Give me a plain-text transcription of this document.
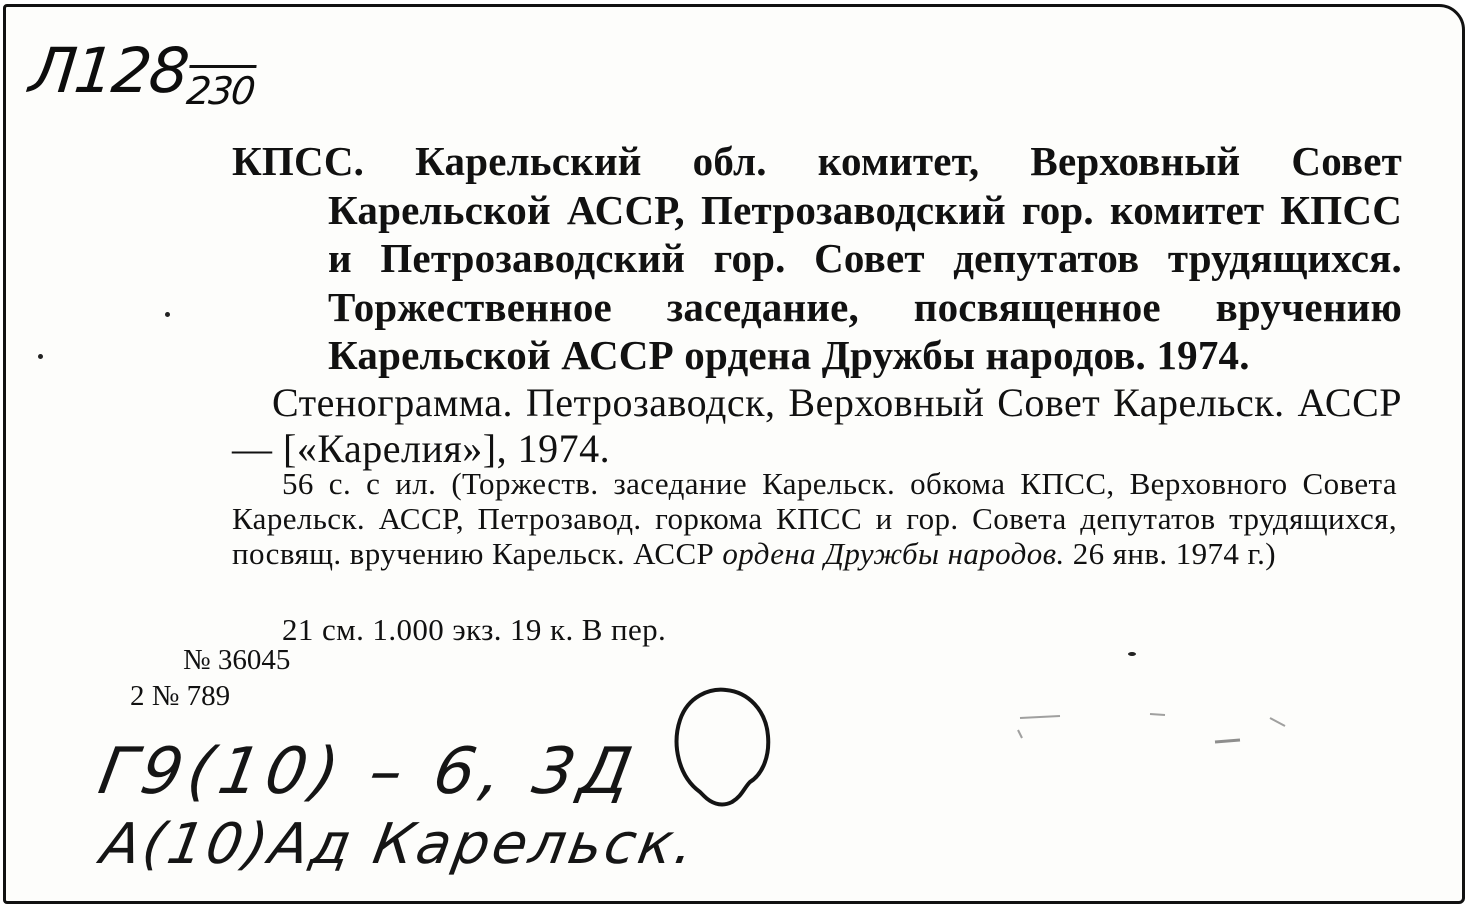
Л128230
КПСС. Карельский обл. комитет, Верховный Совет Карельской АССР, Петрозаводский гор. комитет КПСС и Петрозаводский гор. Совет депутатов трудящихся. Торжественное заседание, посвященное вручению Карельской АССР ордена Дружбы народов. 1974.
Стенограмма. Петрозаводск, Верховный Совет Карельск. АССР — [«Карелия»], 1974.
56 с. с ил. (Торжеств. заседание Карельск. обкома КПСС, Верховного Совета Карельск. АССР, Петрозавод. горкома КПСС и гор. Совета депутатов трудящихся, посвящ. вручению Карельск. АССР ордена Дружбы народов. 26 янв. 1974 г.)
21 см. 1.000 экз. 19 к. В пер.
№ 36045
2 № 789
Г9(10) – 6, 3Д
А(10)Ад Карельск.
